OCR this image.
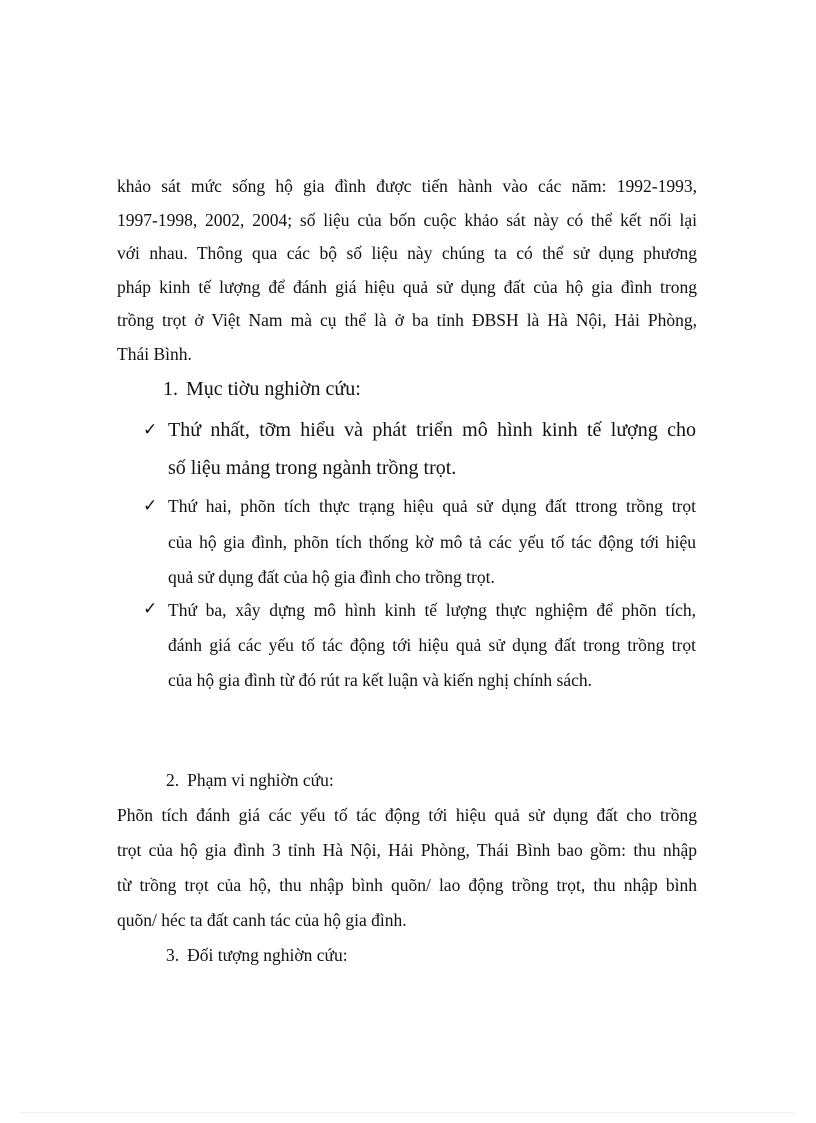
khảo sát mức sống hộ gia đình được tiến hành vào các năm: 1992-1993,
1997-1998, 2002, 2004; số liệu của bốn cuộc khảo sát này có thể kết nối lại
với nhau. Thông qua các bộ số liệu này chúng ta có thể sử dụng phương
pháp kinh tế lượng để đánh giá hiệu quả sử dụng đất của hộ gia đình trong
trồng trọt ở Việt Nam mà cụ thể là ở ba tỉnh ĐBSH là Hà Nội, Hải Phòng,
Thái Bình.
1. Mục tiờu nghiờn cứu:
✓ Thứ nhất, tỡm hiểu và phát triển mô hình kinh tế lượng cho
số liệu mảng trong ngành trồng trọt.
✓ Thứ hai, phõn tích thực trạng hiệu quả sử dụng đất ttrong trồng trọt
của hộ gia đình, phõn tích thống kờ mô tả các yếu tố tác động tới hiệu
quả sử dụng đất của hộ gia đình cho trồng trọt.
✓ Thứ ba, xây dựng mô hình kinh tế lượng thực nghiệm để phõn tích,
đánh giá các yếu tố tác động tới hiệu quả sử dụng đất trong trồng trọt
của hộ gia đình từ đó rút ra kết luận và kiến nghị chính sách.
2. Phạm vi nghiờn cứu:
Phõn tích đánh giá các yếu tố tác động tới hiệu quả sử dụng đất cho trồng
trọt của hộ gia đình 3 tỉnh Hà Nội, Hải Phòng, Thái Bình bao gồm: thu nhập
từ trồng trọt của hộ, thu nhập bình quõn/ lao động trồng trọt, thu nhập bình
quõn/ héc ta đất canh tác của hộ gia đình.
3. Đối tượng nghiờn cứu:
